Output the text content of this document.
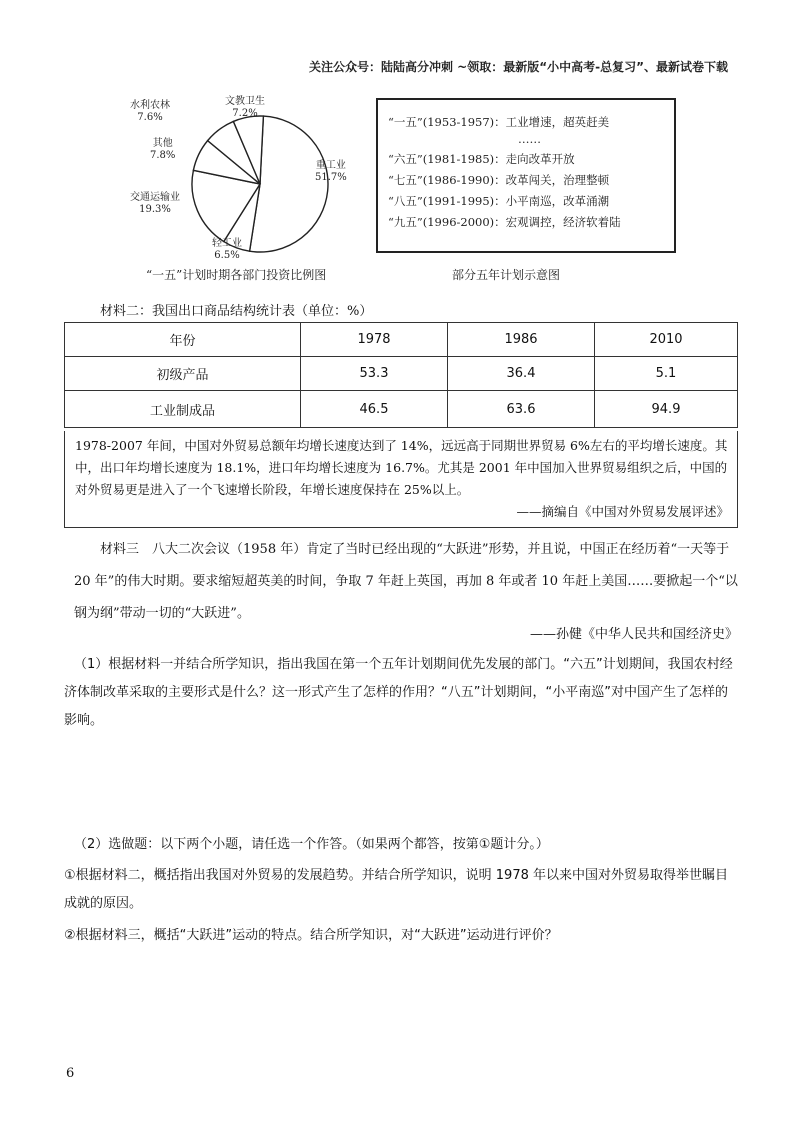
关注公众号：陆陆高分冲刺 ~领取：最新版“小中高考-总复习”、最新试卷下载
水利农林
7.6%
文教卫生
7.2%
其他
7.8%
交通运输业
19.3%
轻工业
6.5%
重工业
51.7%
“一五”计划时期各部门投资比例图
“一五”(1953-1957)：工业增速，超英赶美
……
“六五”(1981-1985)：走向改革开放
“七五”(1986-1990)：改革闯关，治理整顿
“八五”(1991-1995)：小平南巡，改革涌潮
“九五”(1996-2000)：宏观调控，经济软着陆
部分五年计划示意图
材料二：我国出口商品结构统计表（单位：%）
年份	1978	1986	2010
初级产品	53.3	36.4	5.1
工业制成品	46.5	63.6	94.9
1978-2007 年间，中国对外贸易总额年均增长速度达到了 14%，远远高于同期世界贸易 6%左右的平均增长速度。其中，出口年均增长速度为 18.1%，进口年均增长速度为 16.7%。尤其是 2001 年中国加入世界贸易组织之后，中国的对外贸易更是进入了一个飞速增长阶段，年增长速度保持在 25%以上。
——摘编自《中国对外贸易发展评述》
材料三　八大二次会议（1958 年）肯定了当时已经出现的“大跃进”形势，并且说，中国正在经历着“一天等于 20 年”的伟大时期。要求缩短超英美的时间，争取 7 年赶上英国，再加 8 年或者 10 年赶上美国……要掀起一个“以钢为纲”带动一切的“大跃进”。
——孙健《中华人民共和国经济史》
（1）根据材料一并结合所学知识，指出我国在第一个五年计划期间优先发展的部门。“六五”计划期间，我国农村经济体制改革采取的主要形式是什么？这一形式产生了怎样的作用？“八五”计划期间，“小平南巡”对中国产生了怎样的影响。
（2）选做题：以下两个小题，请任选一个作答。（如果两个都答，按第①题计分。）
①根据材料二，概括指出我国对外贸易的发展趋势。并结合所学知识，说明 1978 年以来中国对外贸易取得举世瞩目成就的原因。
②根据材料三，概括“大跃进”运动的特点。结合所学知识，对“大跃进”运动进行评价？
6
